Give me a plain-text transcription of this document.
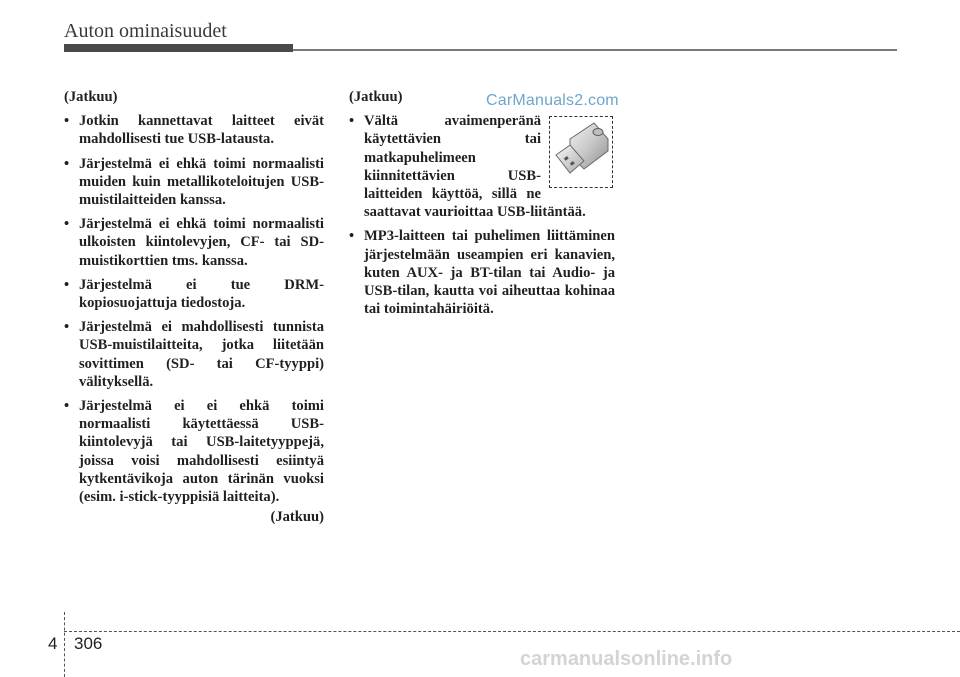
Auton ominaisuudet

(Jatkuu)

• Jotkin kannettavat laitteet eivät mahdollisesti tue USB-latausta.
• Järjestelmä ei ehkä toimi normaalisti muiden kuin metallikoteloitujen USB-muistilaitteiden kanssa.
• Järjestelmä ei ehkä toimi normaalisti ulkoisten kiintolevyjen, CF- tai SD-muistikorttien tms. kanssa.
• Järjestelmä ei tue DRM-kopiosuojattuja tiedostoja.
• Järjestelmä ei mahdollisesti tunnista USB-muistilaitteita, jotka liitetään sovittimen (SD- tai CF-tyyppi) välityksellä.
• Järjestelmä ei ei ehkä toimi normaalisti käytettäessä USB-kiintolevyjä tai USB-laitetyyppejä, joissa voisi mahdollisesti esiintyä kytkentävikoja auton tärinän vuoksi (esim. i-stick-tyyppisiä laitteita).

(Jatkuu)

(Jatkuu)

• Vältä avaimenperänä käytettävien tai matkapuhelimeen kiinnitettävien USB-laitteiden käyttöä, sillä ne saattavat vaurioittaa USB-liitäntää.
• MP3-laitteen tai puhelimen liittäminen järjestelmään useampien eri kanavien, kuten AUX- ja BT-tilan tai Audio- ja USB-tilan, kautta voi aiheuttaa kohinaa tai toimintahäiriöitä.
CarManuals2.com
4 306
carmanualsonline.info
